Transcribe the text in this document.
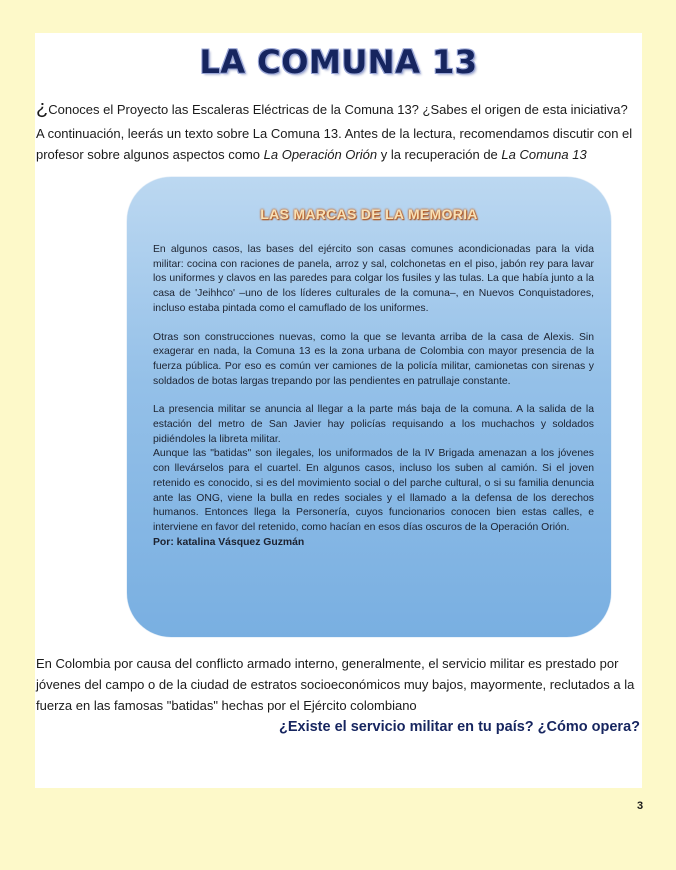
LA COMUNA 13
¿Conoces el Proyecto las Escaleras Eléctricas de la Comuna 13? ¿Sabes el origen de esta iniciativa?
A continuación, leerás un texto sobre La Comuna 13. Antes de la lectura, recomendamos discutir con el profesor sobre algunos aspectos como La Operación Orión y la recuperación de La Comuna 13
LAS MARCAS DE LA MEMORIA

En algunos casos, las bases del ejército son casas comunes acondicionadas para la vida militar: cocina con raciones de panela, arroz y sal, colchonetas en el piso, jabón rey para lavar los uniformes y clavos en las paredes para colgar los fusiles y las tulas. La que había junto a la casa de 'Jeihhco' –uno de los líderes culturales de la comuna–, en Nuevos Conquistadores, incluso estaba pintada como el camuflado de los uniformes.

Otras son construcciones nuevas, como la que se levanta arriba de la casa de Alexis. Sin exagerar en nada, la Comuna 13 es la zona urbana de Colombia con mayor presencia de la fuerza pública. Por eso es común ver camiones de la policía militar, camionetas con sirenas y soldados de botas largas trepando por las pendientes en patrullaje constante.

La presencia militar se anuncia al llegar a la parte más baja de la comuna. A la salida de la estación del metro de San Javier hay policías requisando a los muchachos y soldados pidiéndoles la libreta militar.

Aunque las "batidas" son ilegales, los uniformados de la IV Brigada amenazan a los jóvenes con llevárselos para el cuartel. En algunos casos, incluso los suben al camión. Si el joven retenido es conocido, si es del movimiento social o del parche cultural, o si su familia denuncia ante las ONG, viene la bulla en redes sociales y el llamado a la defensa de los derechos humanos. Entonces llega la Personería, cuyos funcionarios conocen bien estas calles, e interviene en favor del retenido, como hacían en esos días oscuros de la Operación Orión.

Por: katalina Vásquez Guzmán

En Colombia por causa del conflicto armado interno, generalmente, el servicio militar es prestado por jóvenes del campo o de la ciudad de estratos socioeconómicos muy bajos, mayormente, reclutados a la fuerza en las famosas "batidas" hechas por el Ejército colombiano
¿Existe el servicio militar en tu país? ¿Cómo opera?
3
